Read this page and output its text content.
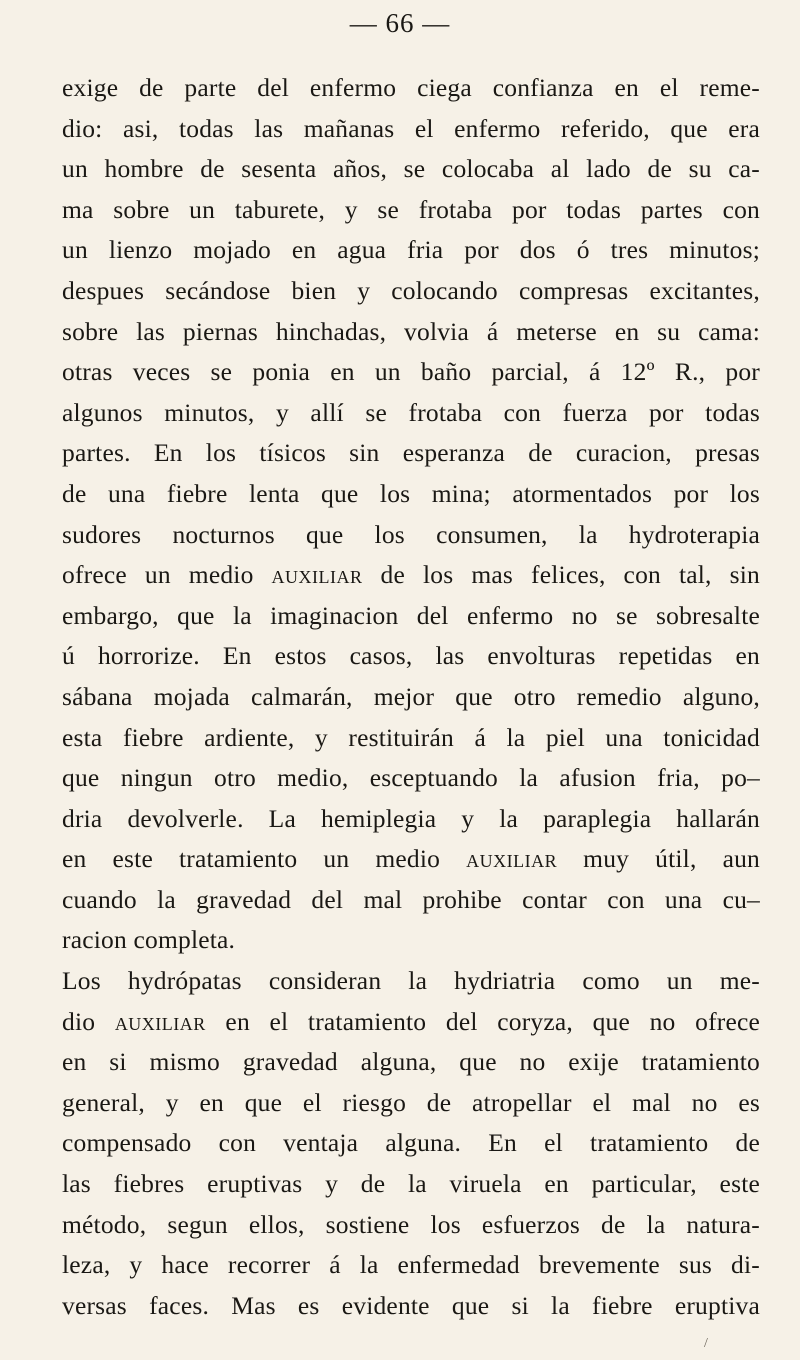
— 66 —
exige de parte del enfermo ciega confianza en el reme-
dio: asi, todas las mañanas el enfermo referido, que era
un hombre de sesenta años, se colocaba al lado de su ca-
ma sobre un taburete, y se frotaba por todas partes con
un lienzo mojado en agua fria por dos ó tres minutos;
despues secándose bien y colocando compresas excitantes,
sobre las piernas hinchadas, volvia á meterse en su cama:
otras veces se ponia en un baño parcial, á 12º R., por
algunos minutos, y allí se frotaba con fuerza por todas
partes. En los tísicos sin esperanza de curacion, presas
de una fiebre lenta que los mina; atormentados por los
sudores nocturnos que los consumen, la hydroterapia
ofrece un medio auxiliar de los mas felices, con tal, sin
embargo, que la imaginacion del enfermo no se sobresalte
ú horrorize. En estos casos, las envolturas repetidas en
sábana mojada calmarán, mejor que otro remedio alguno,
esta fiebre ardiente, y restituirán á la piel una tonicidad
que ningun otro medio, esceptuando la afusion fria, po–
dria devolverle. La hemiplegia y la paraplegia hallarán
en este tratamiento un medio auxiliar muy útil, aun
cuando la gravedad del mal prohibe contar con una cu–
racion completa.
Los hydrópatas consideran la hydriatria como un me-
dio auxiliar en el tratamiento del coryza, que no ofrece
en si mismo gravedad alguna, que no exije tratamiento
general, y en que el riesgo de atropellar el mal no es
compensado con ventaja alguna. En el tratamiento de
las fiebres eruptivas y de la viruela en particular, este
método, segun ellos, sostiene los esfuerzos de la natura-
leza, y hace recorrer á la enfermedad brevemente sus di-
versas faces. Mas es evidente que si la fiebre eruptiva
/
